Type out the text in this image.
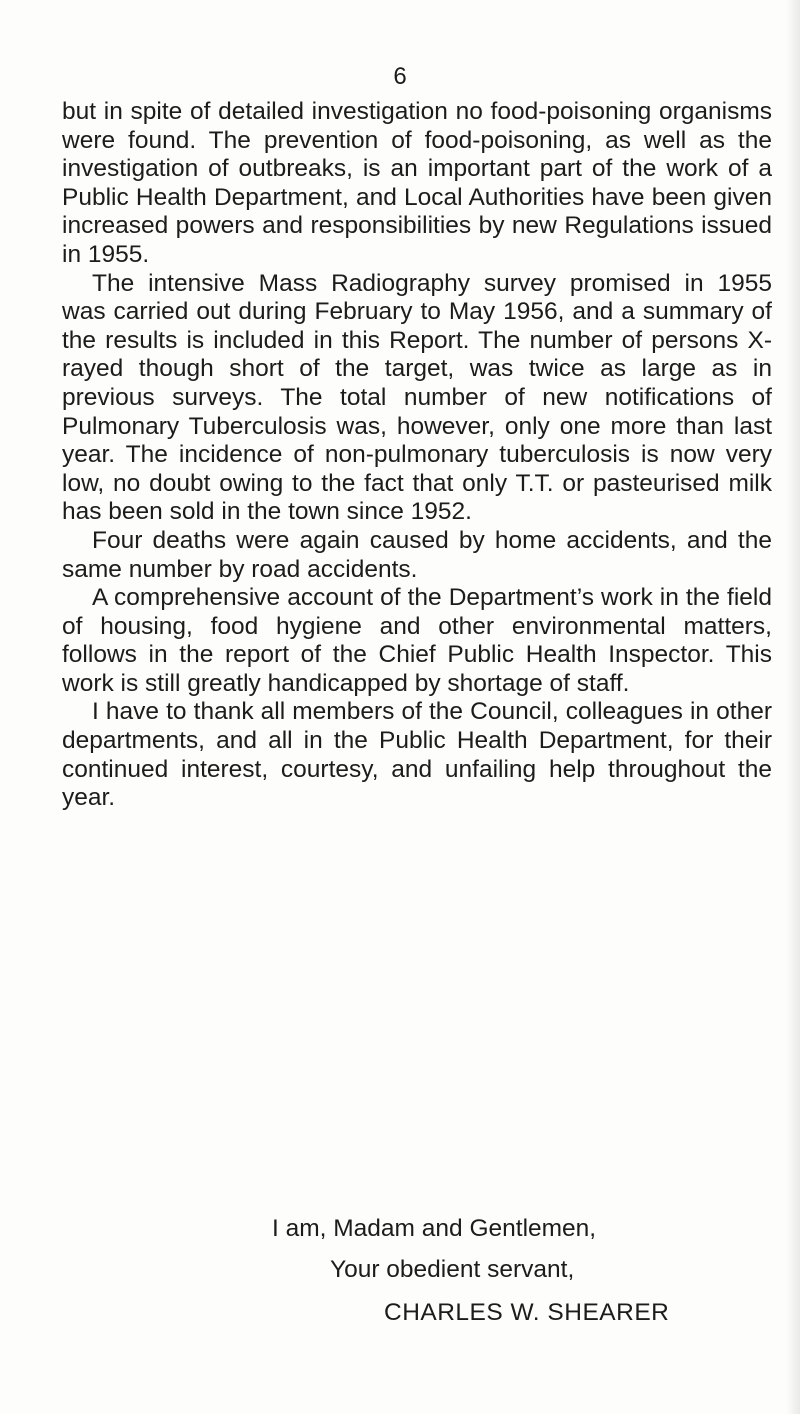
6

but in spite of detailed investigation no food-poisoning organisms were found. The prevention of food-poisoning, as well as the investigation of outbreaks, is an important part of the work of a Public Health Department, and Local Authorities have been given increased powers and responsibilities by new Regulations issued in 1955.

The intensive Mass Radiography survey promised in 1955 was carried out during February to May 1956, and a summary of the results is included in this Report. The number of persons X-rayed though short of the target, was twice as large as in previous surveys. The total number of new notifications of Pulmonary Tuberculosis was, however, only one more than last year. The incidence of non-pulmonary tuberculosis is now very low, no doubt owing to the fact that only T.T. or pasteurised milk has been sold in the town since 1952.

Four deaths were again caused by home accidents, and the same number by road accidents.

A comprehensive account of the Department’s work in the field of housing, food hygiene and other environmental matters, follows in the report of the Chief Public Health Inspector. This work is still greatly handicapped by shortage of staff.

I have to thank all members of the Council, colleagues in other departments, and all in the Public Health Department, for their continued interest, courtesy, and unfailing help throughout the year.

I am, Madam and Gentlemen,
Your obedient servant,
CHARLES W. SHEARER
